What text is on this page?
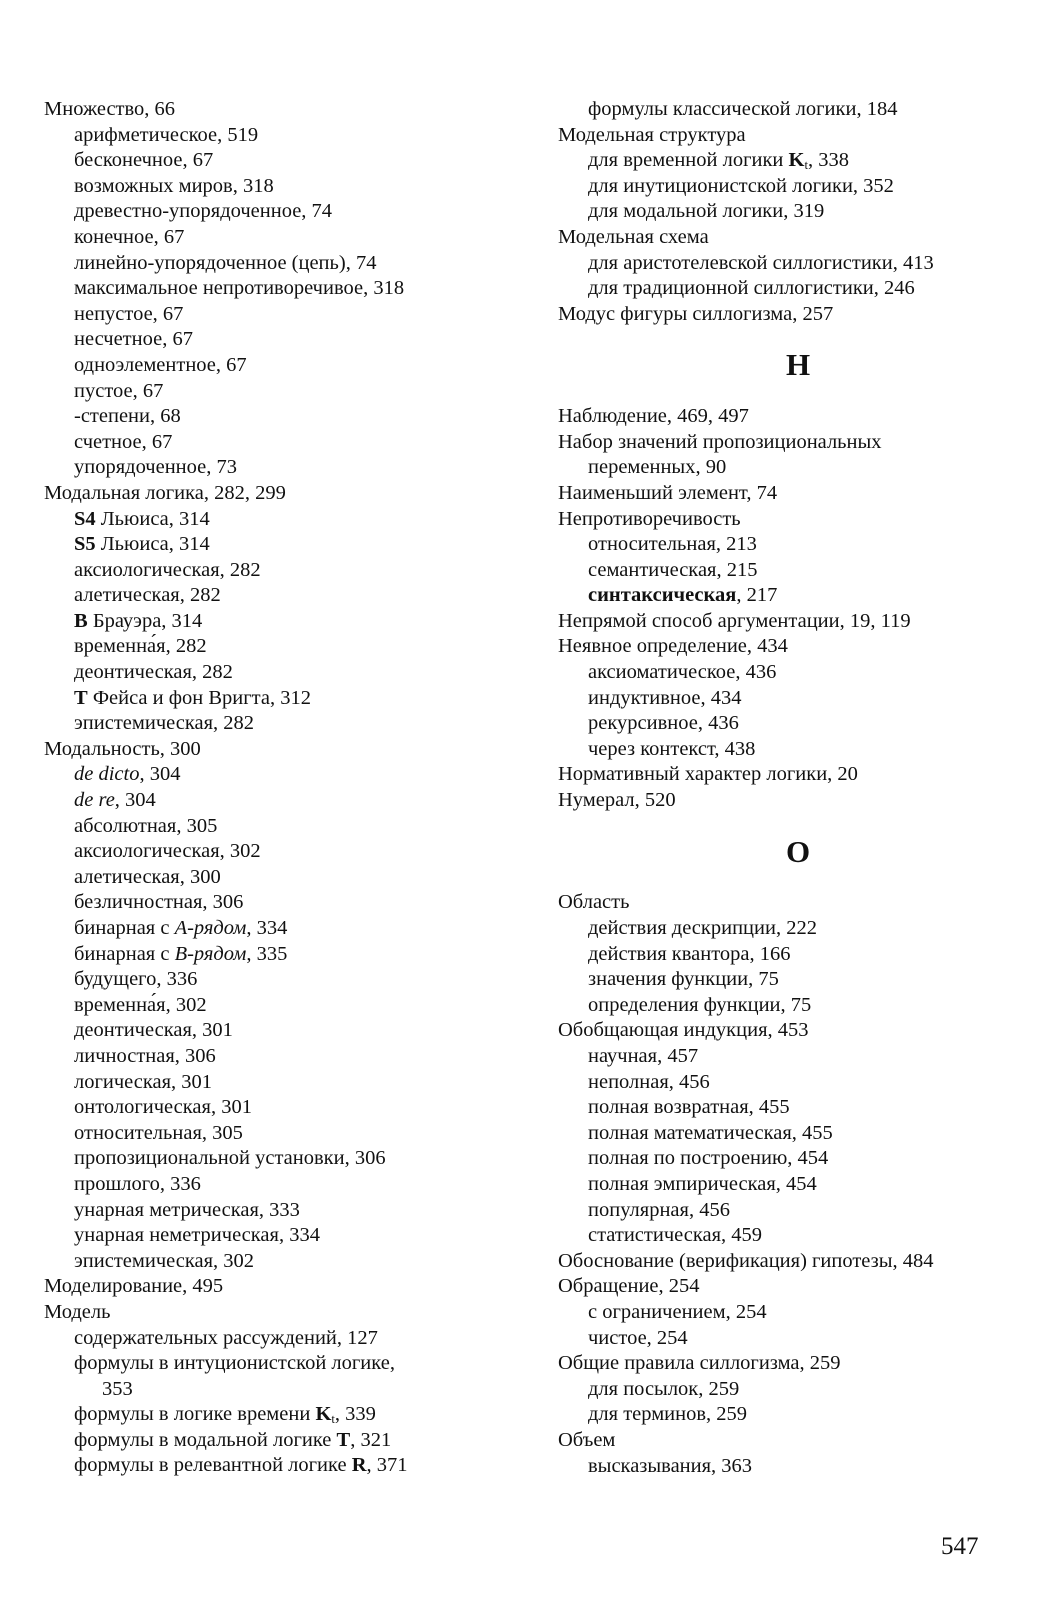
Множество, 66
арифметическое, 519
бесконечное, 67
возможных миров, 318
древестно-упорядоченное, 74
конечное, 67
линейно-упорядоченное (цепь), 74
максимальное непротиворечивое, 318
непустое, 67
несчетное, 67
одноэлементное, 67
пустое, 67
-степени, 68
счетное, 67
упорядоченное, 73
Модальная логика, 282, 299
S4 Льюиса, 314
S5 Льюиса, 314
аксиологическая, 282
алетическая, 282
B Брауэра, 314
временна́я, 282
деонтическая, 282
T Фейса и фон Вригта, 312
эпистемическая, 282
Модальность, 300
de dicto, 304
de re, 304
абсолютная, 305
аксиологическая, 302
алетическая, 300
безличностная, 306
бинарная с A-рядом, 334
бинарная с B-рядом, 335
будущего, 336
временна́я, 302
деонтическая, 301
личностная, 306
логическая, 301
онтологическая, 301
относительная, 305
пропозициональной установки, 306
прошлого, 336
унарная метрическая, 333
унарная неметрическая, 334
эпистемическая, 302
Моделирование, 495
Модель
содержательных рассуждений, 127
формулы в интуционистской логике,
353
формулы в логике времени $K_t$, 339
формулы в модальной логике T, 321
формулы в релевантной логике R, 371
формулы классической логики, 184
Модельная структура
для временной логики $K_t$, 338
для инутиционистской логики, 352
для модальной логики, 319
Модельная схема
для аристотелевской силлогистики, 413
для традиционной силлогистики, 246
Модус фигуры силлогизма, 257
Н
Наблюдение, 469, 497
Набор значений пропозициональных
переменных, 90
Наименьший элемент, 74
Непротиворечивость
относительная, 213
семантическая, 215
синтаксическая, 217
Непрямой способ аргументации, 19, 119
Неявное определение, 434
аксиоматическое, 436
индуктивное, 434
рекурсивное, 436
через контекст, 438
Нормативный характер логики, 20
Нумерал, 520
О
Область
действия дескрипции, 222
действия квантора, 166
значения функции, 75
определения функции, 75
Обобщающая индукция, 453
научная, 457
неполная, 456
полная возвратная, 455
полная математическая, 455
полная по построению, 454
полная эмпирическая, 454
популярная, 456
статистическая, 459
Обоснование (верификация) гипотезы, 484
Обращение, 254
с ограничением, 254
чистое, 254
Общие правила силлогизма, 259
для посылок, 259
для терминов, 259
Объем
высказывания, 363
547
